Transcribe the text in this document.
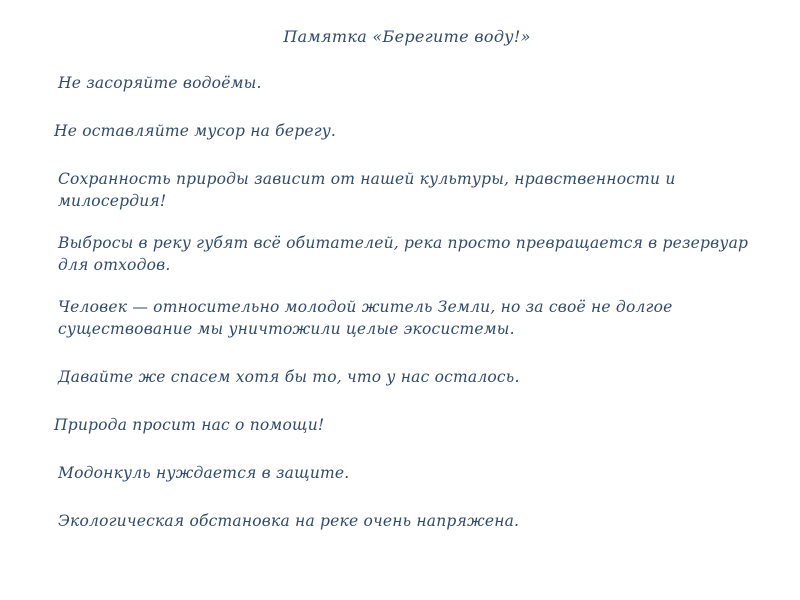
Памятка «Берегите воду!»
Не засоряйте водоёмы.
Не оставляйте мусор на берегу.
Сохранность природы зависит от нашей культуры, нравственности и милосердия!
Выбросы в реку губят всё обитателей, река просто превращается в резервуар для отходов.
Человек — относительно молодой житель Земли, но за своё не долгое существование мы уничтожили целые экосистемы.
Давайте же спасем хотя бы то, что у нас осталось.
Природа просит нас о помощи!
Модонкуль нуждается в защите.
Экологическая обстановка на реке очень напряжена.
